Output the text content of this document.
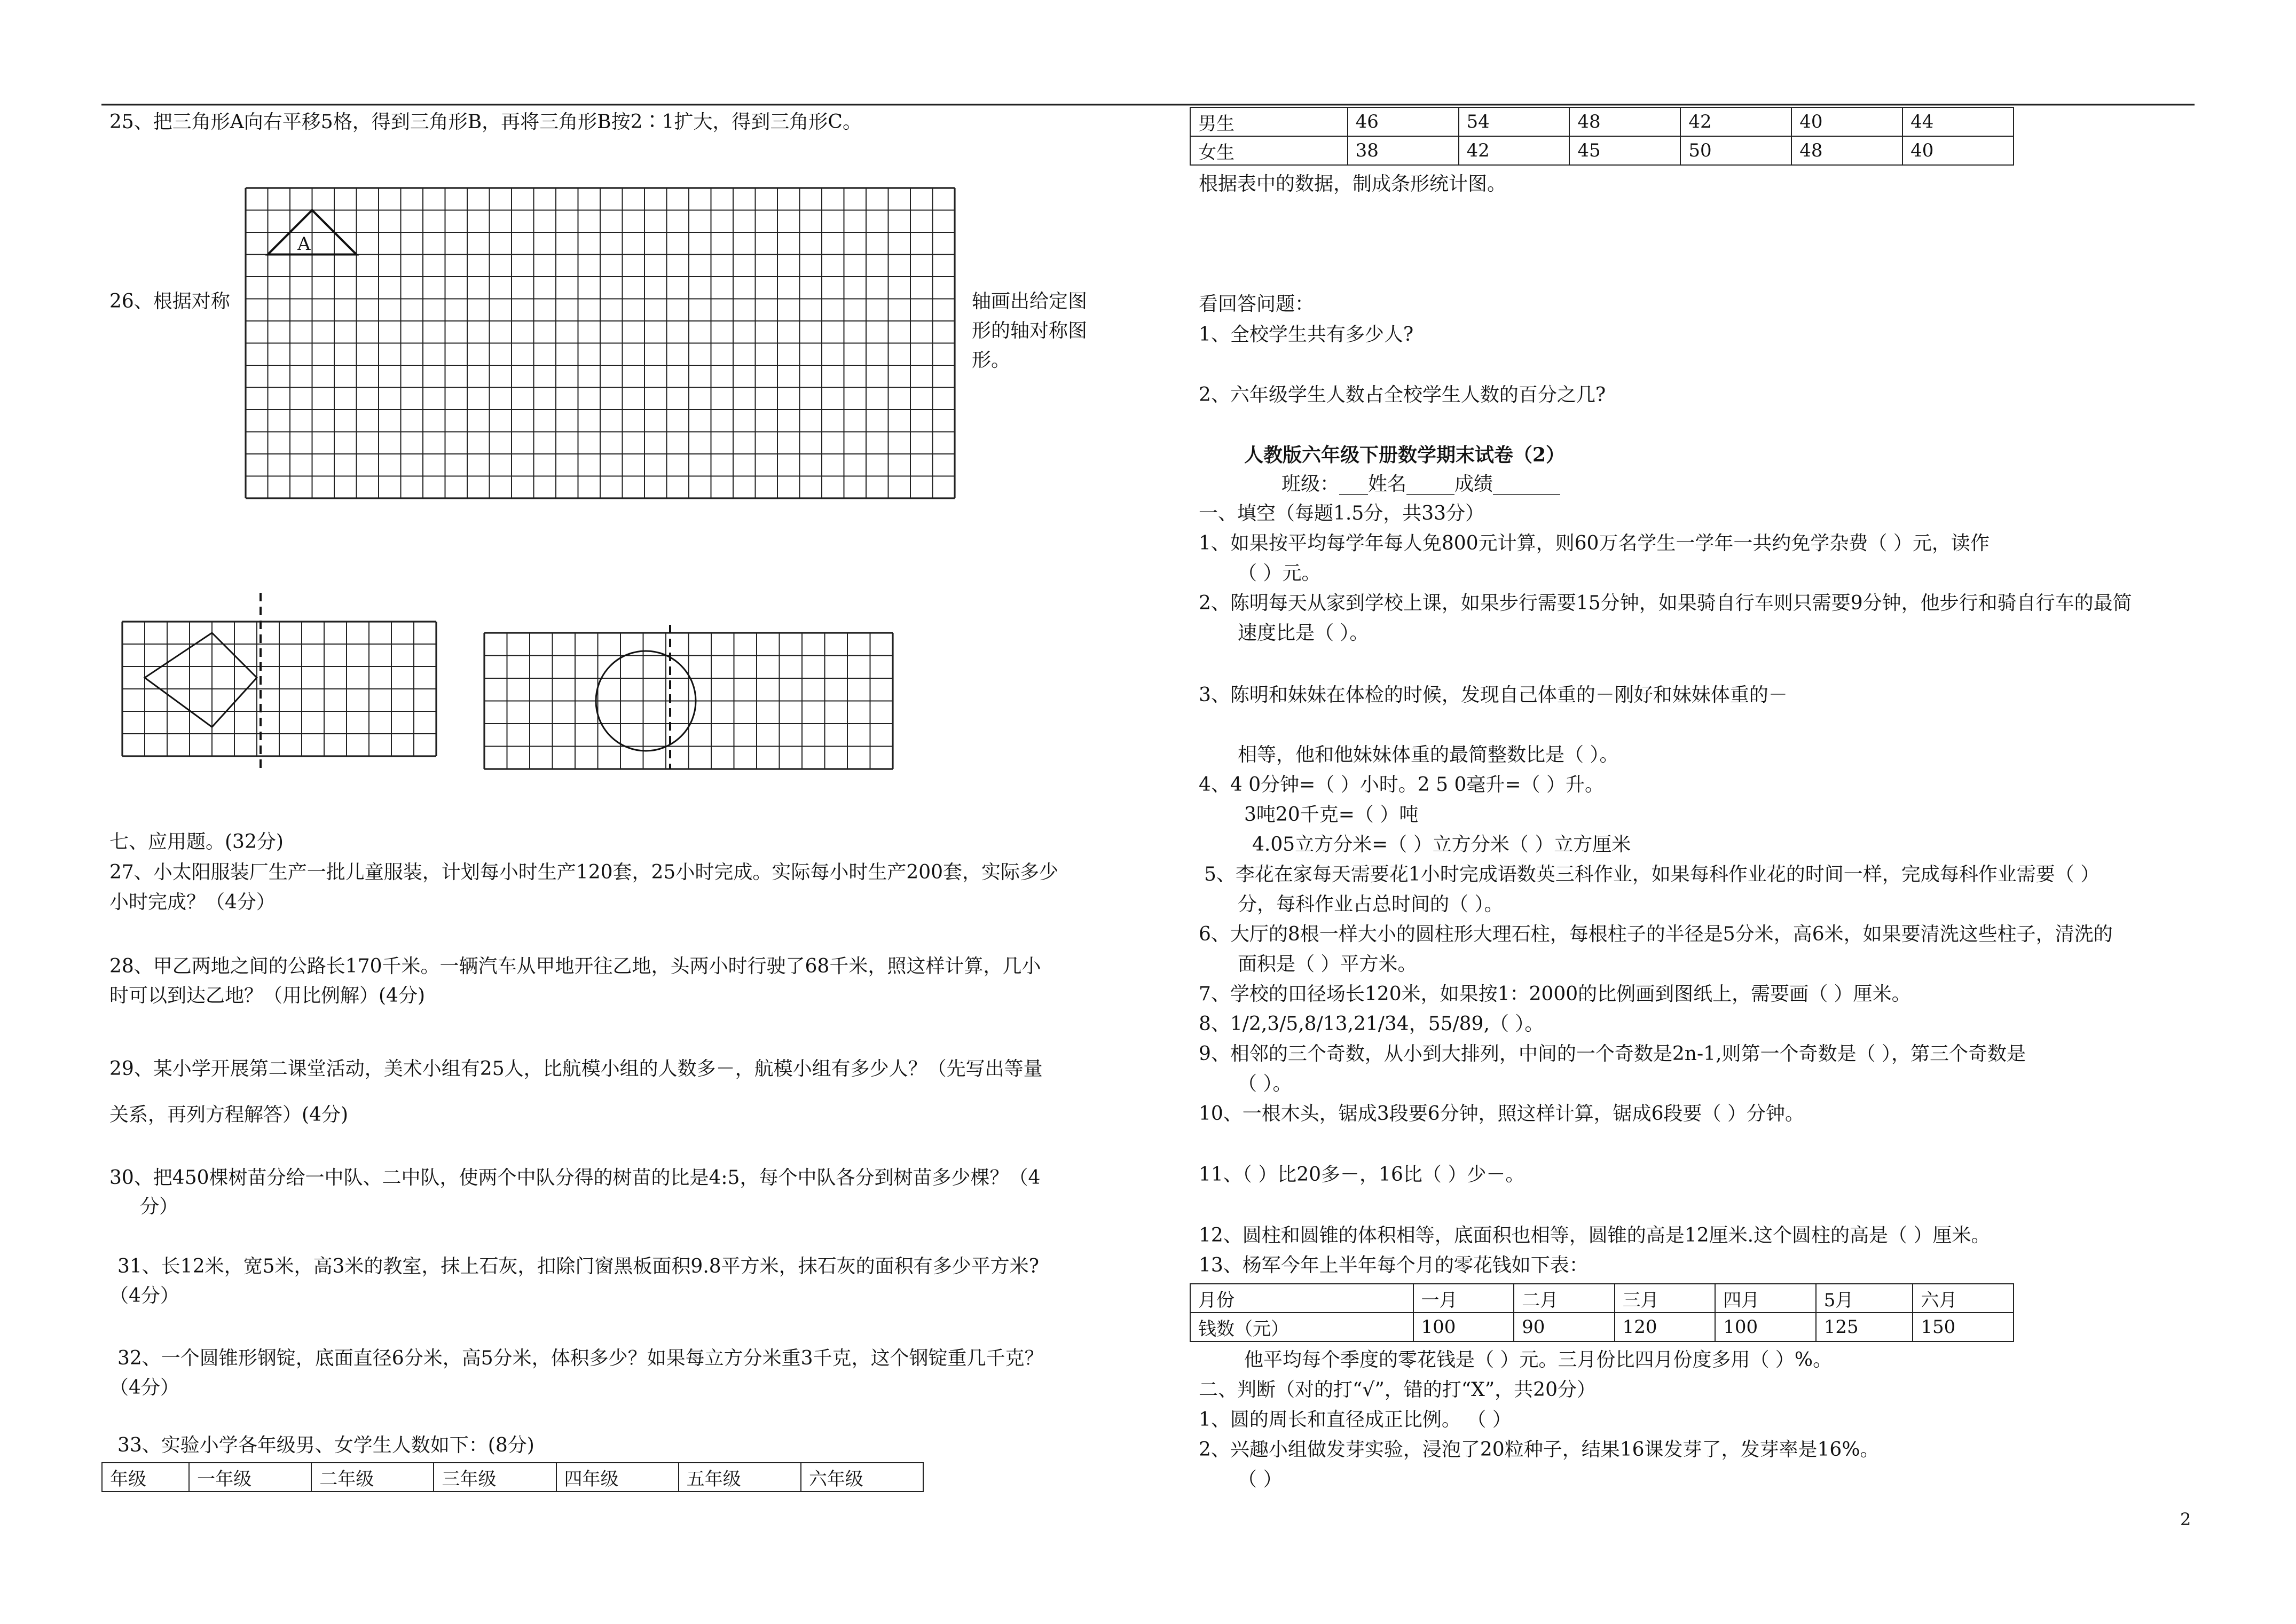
25、把三角形A向右平移5格，得到三角形B，再将三角形B按2∶1扩大，得到三角形C。
A
26、根据对称	轴画出给定图
形的轴对称图
形。
七、应用题。(32分)
27、小太阳服装厂生产一批儿童服装，计划每小时生产120套，25小时完成。实际每小时生产200套，实际多少
小时完成？（4分）
28、甲乙两地之间的公路长170千米。一辆汽车从甲地开往乙地，头两小时行驶了68千米，照这样计算，几小
时可以到达乙地？（用比例解）(4分)
29、某小学开展第二课堂活动，美术小组有25人，比航模小组的人数多－，航模小组有多少人？（先写出等量
关系，再列方程解答）(4分)
30、把450棵树苗分给一中队、二中队，使两个中队分得的树苗的比是4:5，每个中队各分到树苗多少棵？（4
分）
31、长12米，宽5米，高3米的教室，抹上石灰，扣除门窗黑板面积9.8平方米，抹石灰的面积有多少平方米?
（4分）
32、一个圆锥形钢锭，底面直径6分米，高5分米，体积多少？如果每立方分米重3千克，这个钢锭重几千克？
（4分）
33、实验小学各年级男、女学生人数如下：(8分)
年级	一年级	二年级	三年级	四年级	五年级	六年级
男生	46	54	48	42	40	44
女生	38	42	45	50	48	40
根据表中的数据，制成条形统计图。
看回答问题：
1、全校学生共有多少人?
2、六年级学生人数占全校学生人数的百分之几?
人教版六年级下册数学期末试卷（2）
班级：___姓名_____成绩_______
一、填空（每题1.5分，共33分）
1、如果按平均每学年每人免800元计算，则60万名学生一学年一共约免学杂费（ ）元，读作
（ ）元。
2、陈明每天从家到学校上课，如果步行需要15分钟，如果骑自行车则只需要9分钟，他步行和骑自行车的最简
速度比是（ ）。
3、陈明和妹妹在体检的时候，发现自己体重的－刚好和妹妹体重的－
相等，他和他妹妹体重的最简整数比是（ ）。
4、4 0分钟=（ ）小时。2 5 0毫升=（ ）升。
3吨20千克=（ ）吨
4.05立方分米=（ ）立方分米（ ）立方厘米
5、李花在家每天需要花1小时完成语数英三科作业，如果每科作业花的时间一样，完成每科作业需要（ ）
分，每科作业占总时间的（ ）。
6、大厅的8根一样大小的圆柱形大理石柱，每根柱子的半径是5分米，高6米，如果要清洗这些柱子，清洗的
面积是（ ）平方米。
7、学校的田径场长120米，如果按1：2000的比例画到图纸上，需要画（ ）厘米。
8、1/2,3/5,8/13,21/34，55/89,（ ）。
9、相邻的三个奇数，从小到大排列，中间的一个奇数是2n-1,则第一个奇数是（ ），第三个奇数是
（ ）。
10、一根木头，锯成3段要6分钟，照这样计算，锯成6段要（ ）分钟。
11、（ ）比20多－，16比（ ）少－。
12、圆柱和圆锥的体积相等，底面积也相等，圆锥的高是12厘米.这个圆柱的高是（ ）厘米。
13、杨军今年上半年每个月的零花钱如下表：
月份	一月	二月	三月	四月	5月	六月
钱数（元）	100	90	120	100	125	150
他平均每个季度的零花钱是（ ）元。三月份比四月份度多用（ ）%。
二、判断（对的打“√”，错的打“X”，共20分）
1、圆的周长和直径成正比例。 （ ）
2、兴趣小组做发芽实验，浸泡了20粒种子，结果16课发芽了，发芽率是16%。
（ ）
2
